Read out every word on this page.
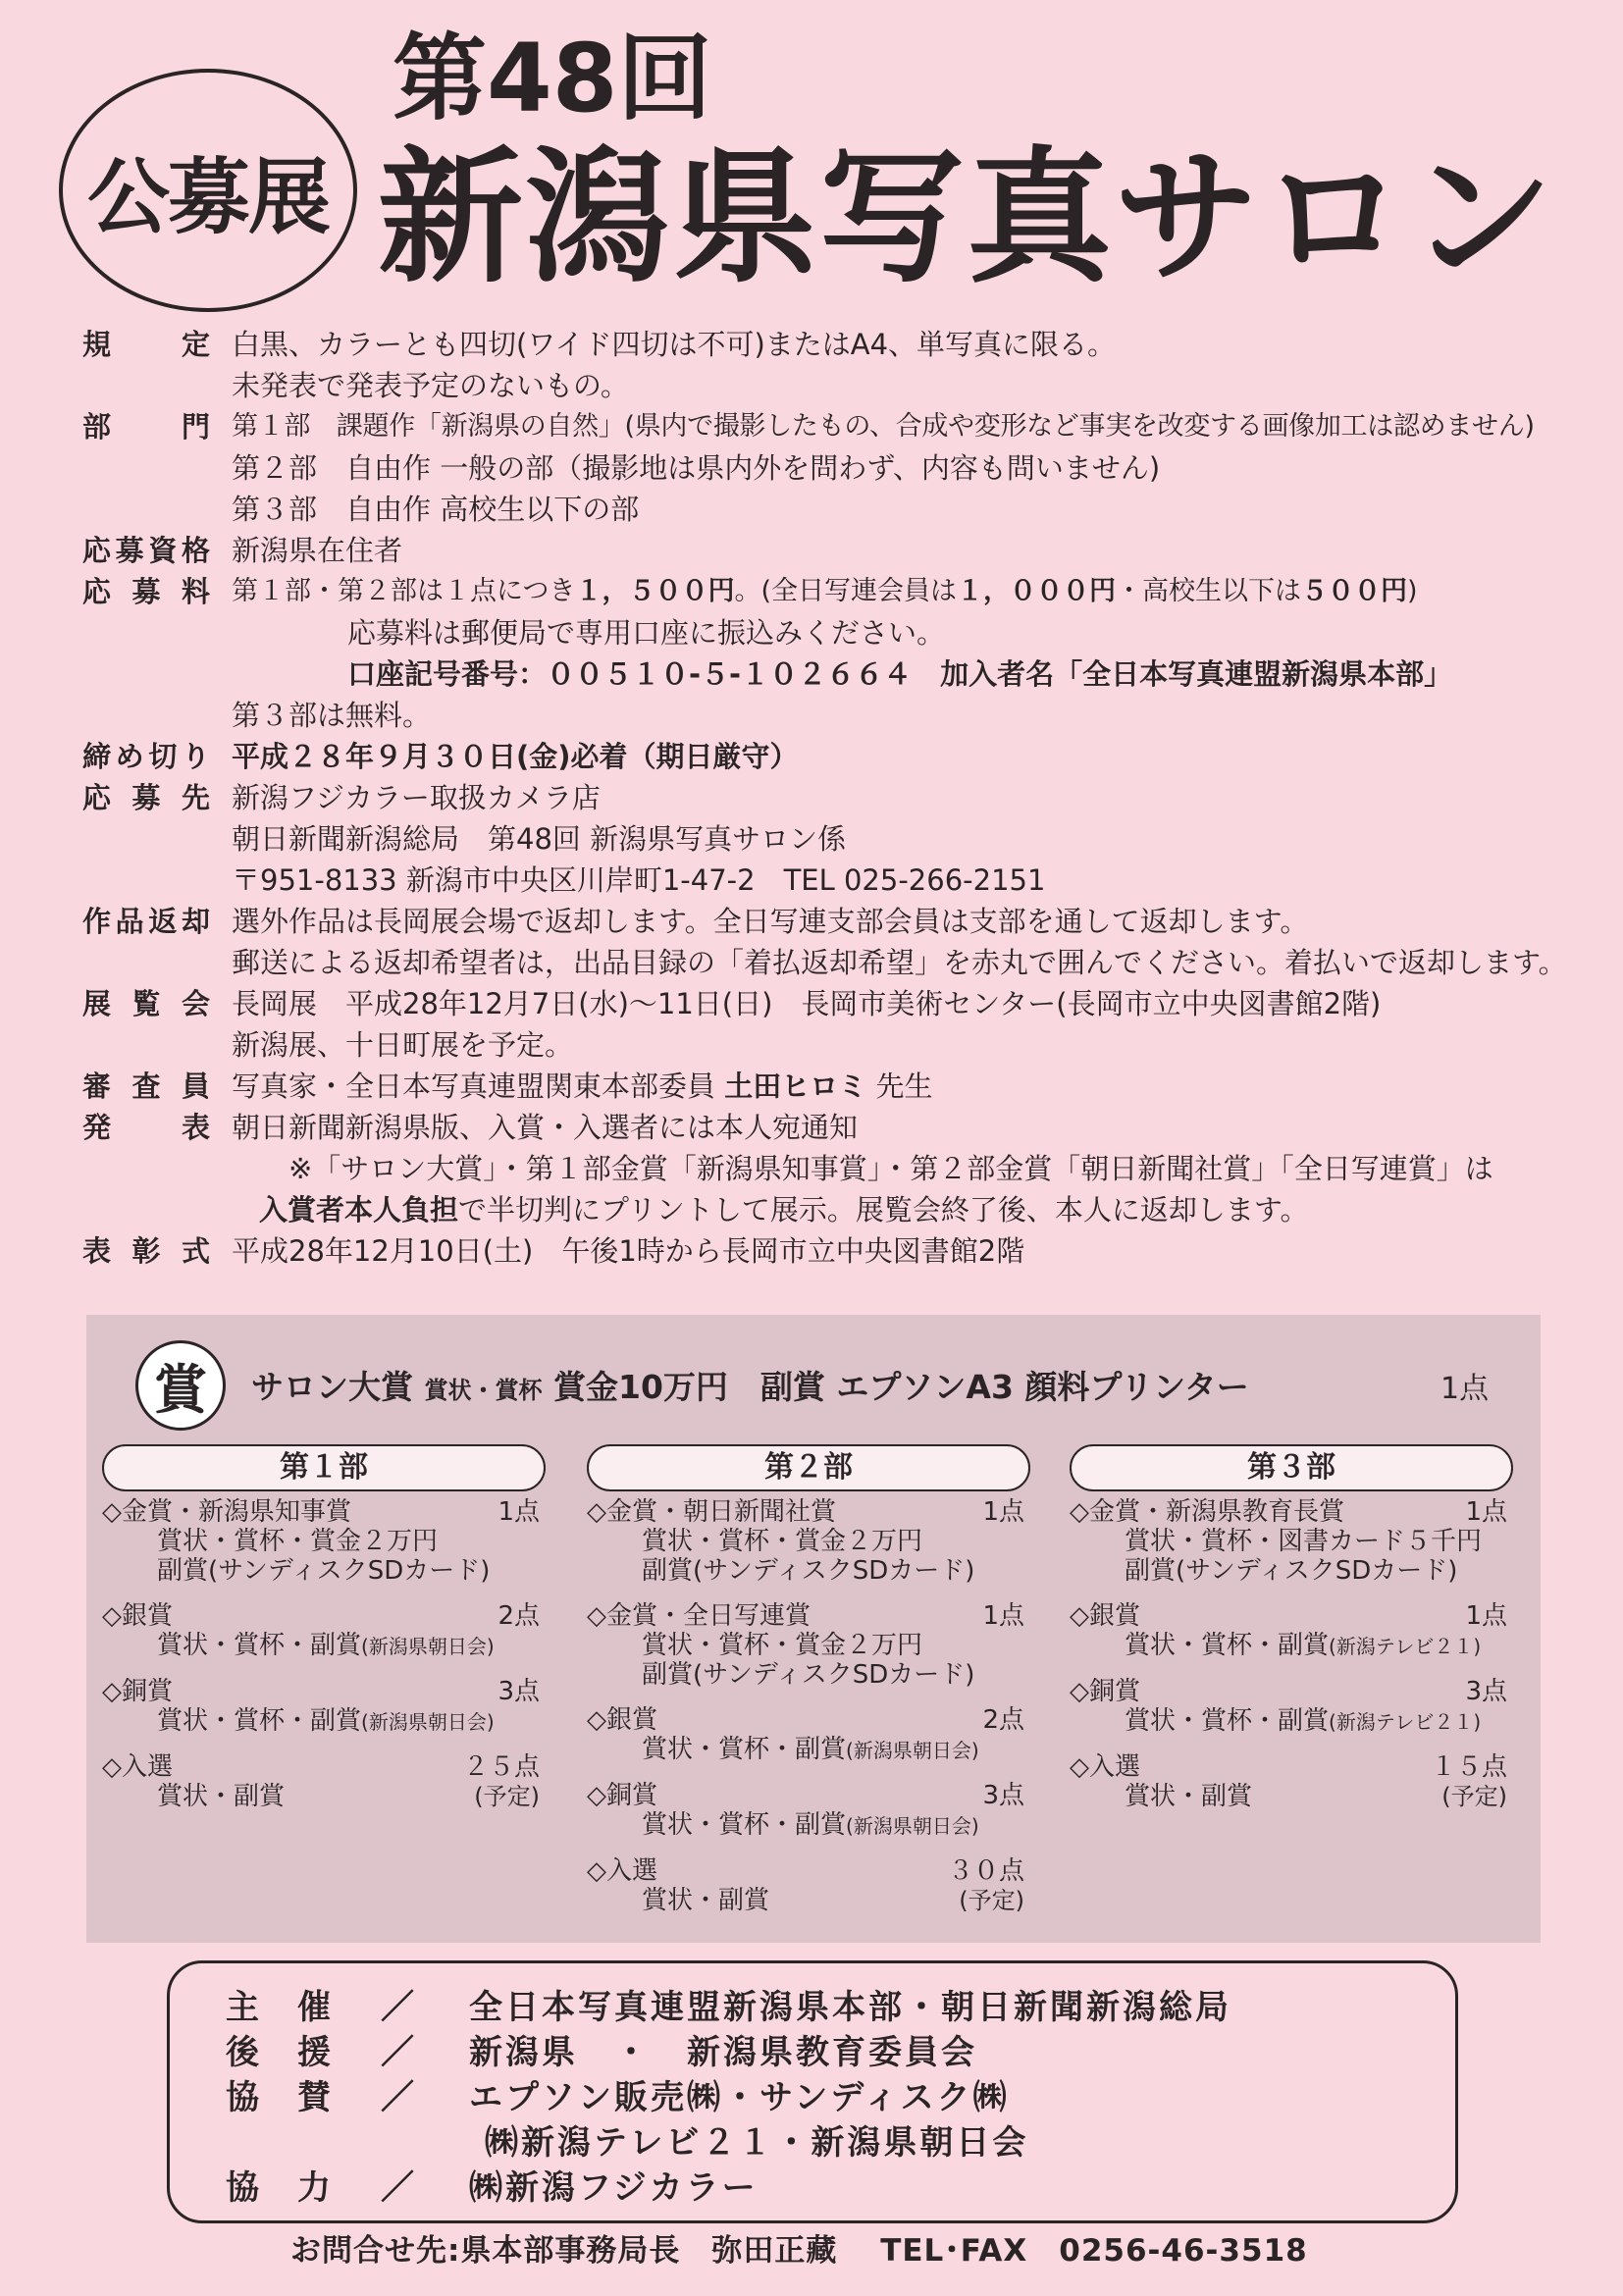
公募展
第48回
新潟県写真サロン
規定 白黒、カラーとも四切(ワイド四切は不可)またはA4、単写真に限る。
未発表で発表予定のないもの。
部門 第１部　課題作「新潟県の自然」(県内で撮影したもの、合成や変形など事実を改変する画像加工は認めません)
第２部　自由作 一般の部（撮影地は県内外を問わず、内容も問いません)
第３部　自由作 高校生以下の部
応募資格 新潟県在住者
応募料 第１部・第２部は１点につき１，５００円。(全日写連会員は１，０００円・高校生以下は５００円)
応募料は郵便局で専用口座に振込みください。
口座記号番号：００５１０-５-１０２６６４　加入者名「全日本写真連盟新潟県本部」
第３部は無料。
締め切り 平成２８年９月３０日(金)必着（期日厳守）
応募先 新潟フジカラー取扱カメラ店
朝日新聞新潟総局　第48回 新潟県写真サロン係
〒951-8133 新潟市中央区川岸町1-47-2　TEL 025-266-2151
作品返却 選外作品は長岡展会場で返却します。全日写連支部会員は支部を通して返却します。
郵送による返却希望者は，出品目録の「着払返却希望」を赤丸で囲んでください。着払いで返却します。
展覧会 長岡展　平成28年12月7日(水)～11日(日)　長岡市美術センター(長岡市立中央図書館2階)
新潟展、十日町展を予定。
審査員 写真家・全日本写真連盟関東本部委員 土田ヒロミ 先生
発表 朝日新聞新潟県版、入賞・入選者には本人宛通知
※「サロン大賞」・第１部金賞「新潟県知事賞」・第２部金賞「朝日新聞社賞」「全日写連賞」は
入賞者本人負担で半切判にプリントして展示。展覧会終了後、本人に返却します。
表彰式 平成28年12月10日(土)　午後1時から長岡市立中央図書館2階
賞	サロン大賞 賞状・賞杯 賞金10万円　副賞 エプソンA3 顔料プリンター	1点
第１部
◇金賞・新潟県知事賞	1点
賞状・賞杯・賞金２万円
副賞(サンディスクSDカード)
◇銀賞	2点
賞状・賞杯・副賞(新潟県朝日会)
◇銅賞	3点
賞状・賞杯・副賞(新潟県朝日会)
◇入選	２５点
賞状・副賞	(予定)
第２部
◇金賞・朝日新聞社賞	1点
賞状・賞杯・賞金２万円
副賞(サンディスクSDカード)
◇金賞・全日写連賞	1点
賞状・賞杯・賞金２万円
副賞(サンディスクSDカード)
◇銀賞	2点
賞状・賞杯・副賞(新潟県朝日会)
◇銅賞	3点
賞状・賞杯・副賞(新潟県朝日会)
◇入選	３０点
賞状・副賞	(予定)
第３部
◇金賞・新潟県教育長賞	1点
賞状・賞杯・図書カード５千円
副賞(サンディスクSDカード)
◇銀賞	1点
賞状・賞杯・副賞(新潟テレビ２１)
◇銅賞	3点
賞状・賞杯・副賞(新潟テレビ２１)
◇入選	１５点
賞状・副賞	(予定)
主催 ／ 全日本写真連盟新潟県本部・朝日新聞新潟総局
後援 ／ 新潟県　・　新潟県教育委員会
協賛 ／ エプソン販売㈱・サンディスク㈱
㈱新潟テレビ２１・新潟県朝日会
協力 ／ ㈱新潟フジカラー
お問合せ先:県本部事務局長　弥田正藏　 TEL･FAX　0256-46-3518
